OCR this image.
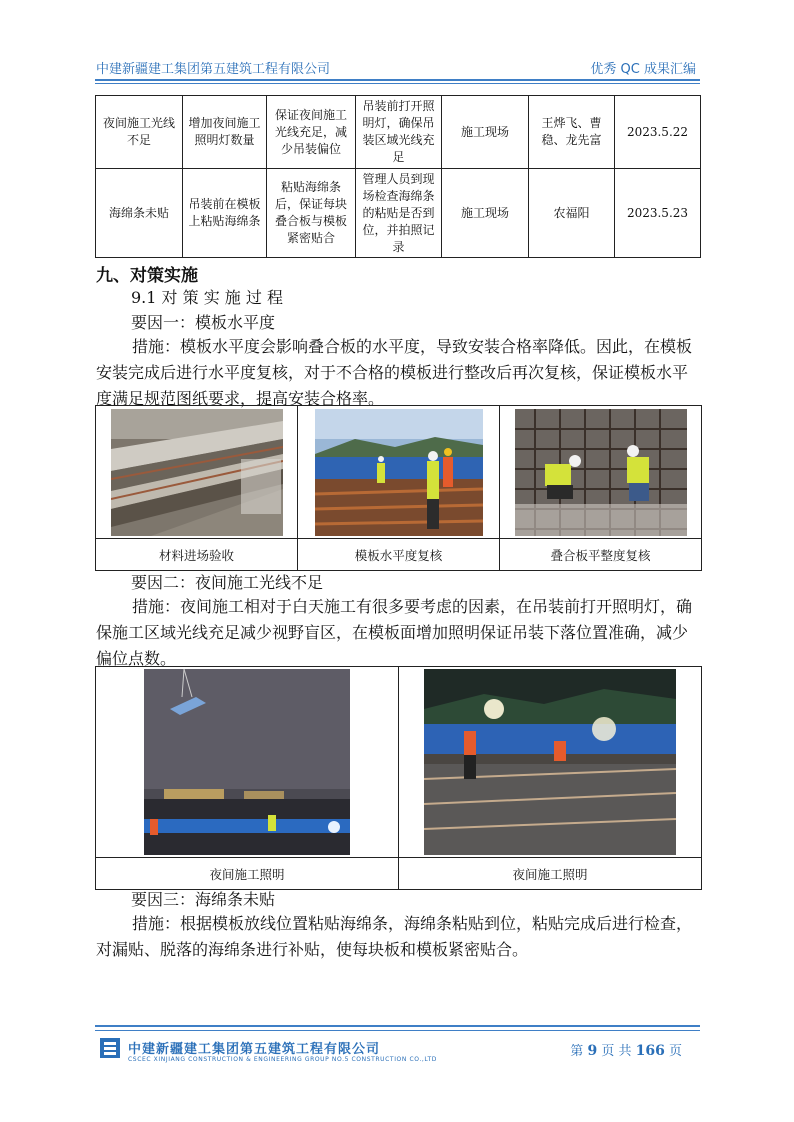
中建新疆建工集团第五建筑工程有限公司	优秀 QC 成果汇编
夜间施工光线不足	增加夜间施工照明灯数量	保证夜间施工光线充足，减少吊装偏位	吊装前打开照明灯，确保吊装区域光线充足	施工现场	王烨飞、曹稳、龙先富	2023.5.22
海绵条未贴	吊装前在模板上粘贴海绵条	粘贴海绵条后，保证每块叠合板与模板紧密贴合	管理人员到现场检查海绵条的粘贴是否到位，并拍照记录	施工现场	农福阳	2023.5.23
九、对策实施
9.1 对 策 实 施 过 程
要因一：模板水平度
措施：模板水平度会影响叠合板的水平度，导致安装合格率降低。因此，在模板安装完成后进行水平度复核，对于不合格的模板进行整改后再次复核，保证模板水平度满足规范图纸要求，提高安装合格率。

材料进场验收	模板水平度复核	叠合板平整度复核
要因二：夜间施工光线不足
措施：夜间施工相对于白天施工有很多要考虑的因素，在吊装前打开照明灯，确保施工区域光线充足减少视野盲区，在模板面增加照明保证吊装下落位置准确，减少偏位点数。

夜间施工照明	夜间施工照明
要因三：海绵条未贴
措施：根据模板放线位置粘贴海绵条，海绵条粘贴到位，粘贴完成后进行检查，对漏贴、脱落的海绵条进行补贴，使每块板和模板紧密贴合。
中建新疆建工集团第五建筑工程有限公司
CSCEC XINJIANG CONSTRUCTION & ENGINEERING GROUP NO.5 CONSTRUCTION CO.,LTD
第 9 页 共 166 页
